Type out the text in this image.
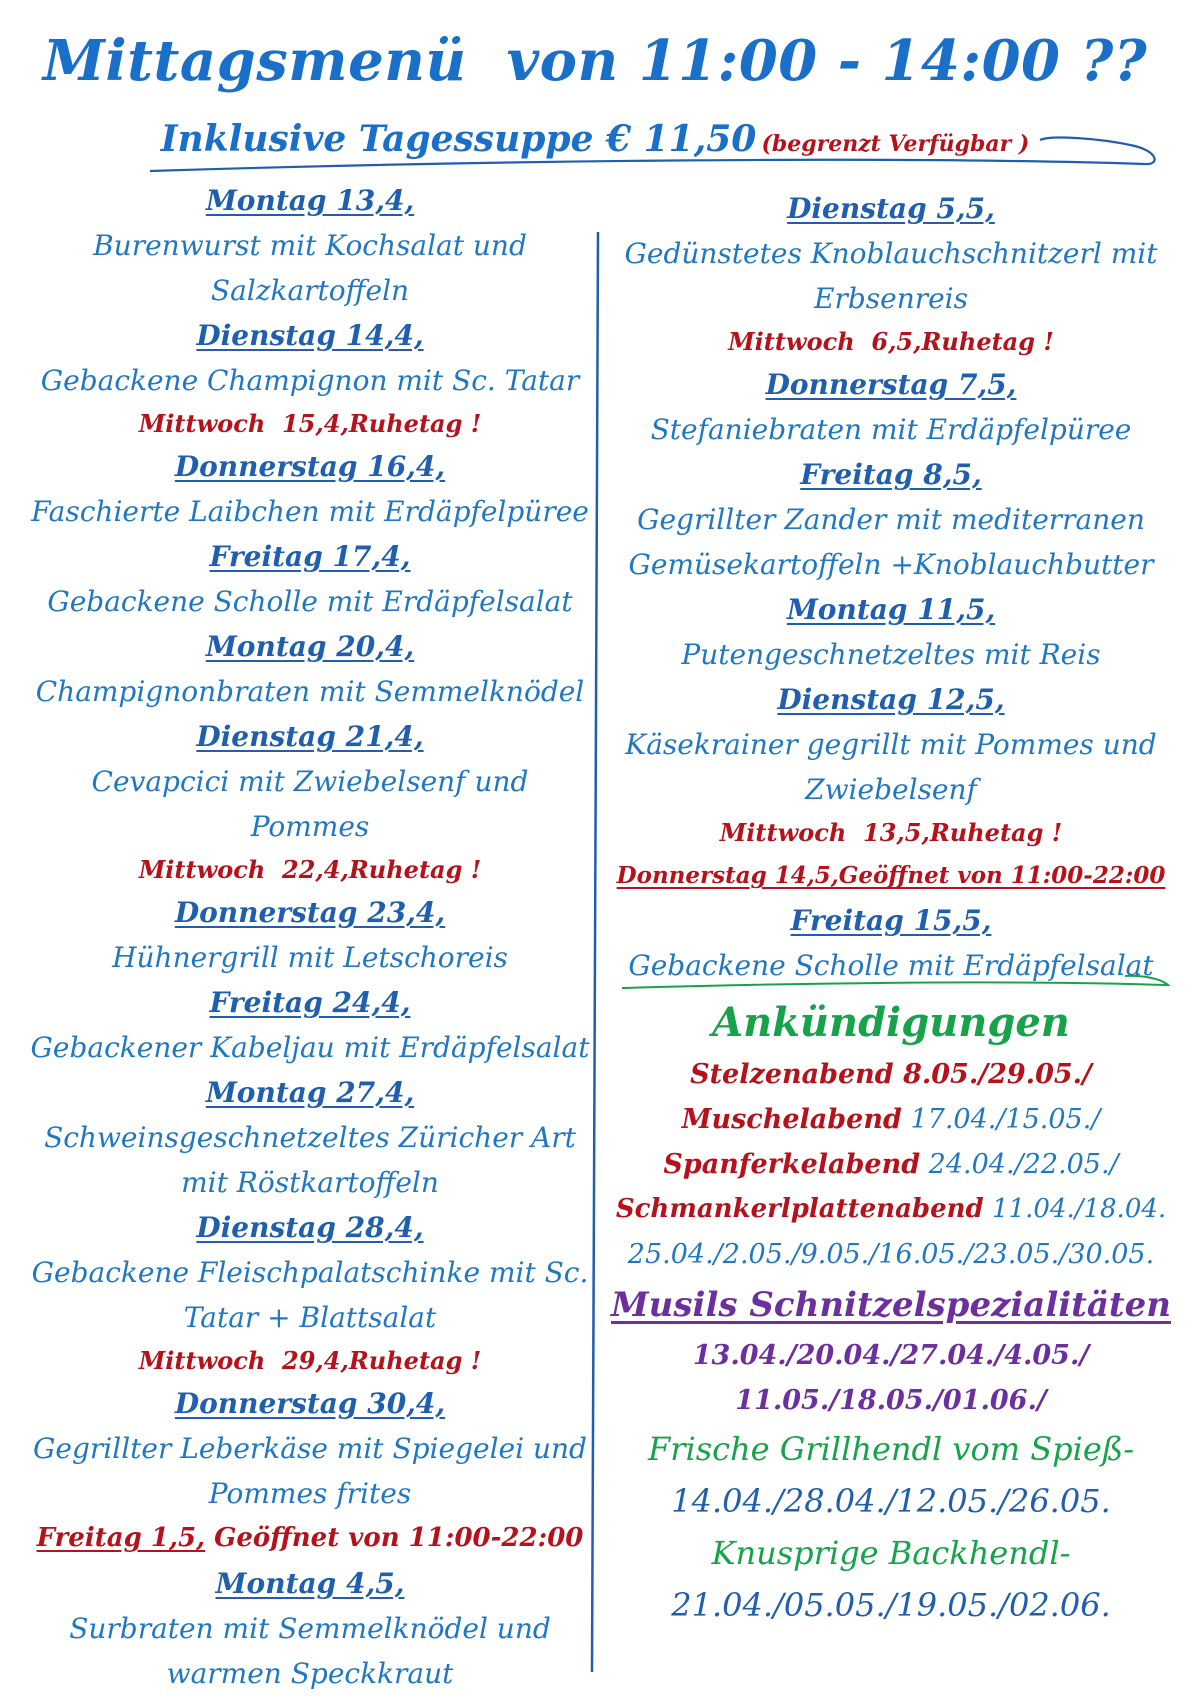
Mittagsmenü  von 11:00 - 14:00 ??
Inklusive Tagessuppe € 11,50 (begrenzt Verfügbar )
Montag 13,4,
Burenwurst mit Kochsalat und Salzkartoffeln
Dienstag 14,4,
Gebackene Champignon mit Sc. Tatar
Mittwoch  15,4,Ruhetag !
Donnerstag 16,4,
Faschierte Laibchen mit Erdäpfelpüree
Freitag 17,4,
Gebackene Scholle mit Erdäpfelsalat
Montag 20,4,
Champignonbraten mit Semmelknödel
Dienstag 21,4,
Cevapcici mit Zwiebelsenf und Pommes
Mittwoch  22,4,Ruhetag !
Donnerstag 23,4,
Hühnergrill mit Letschoreis
Freitag 24,4,
Gebackener Kabeljau mit Erdäpfelsalat
Montag 27,4,
Schweinsgeschnetzeltes Züricher Art mit Röstkartoffeln
Dienstag 28,4,
Gebackene Fleischpalatschinke mit Sc. Tatar + Blattsalat
Mittwoch  29,4,Ruhetag !
Donnerstag 30,4,
Gegrillter Leberkäse mit Spiegelei und Pommes frites
Freitag 1,5, Geöffnet von 11:00-22:00
Montag 4,5,
Surbraten mit Semmelknödel und warmen Speckkraut
Dienstag 5,5,
Gedünstetes Knoblauchschnitzerl mit Erbsenreis
Mittwoch  6,5,Ruhetag !
Donnerstag 7,5,
Stefaniebraten mit Erdäpfelpüree
Freitag 8,5,
Gegrillter Zander mit mediterranen Gemüsekartoffeln +Knoblauchbutter
Montag 11,5,
Putengeschnetzeltes mit Reis
Dienstag 12,5,
Käsekrainer gegrillt mit Pommes und Zwiebelsenf
Mittwoch  13,5,Ruhetag !
Donnerstag 14,5,Geöffnet von 11:00-22:00
Freitag 15,5,
Gebackene Scholle mit Erdäpfelsalat
Ankündigungen
Stelzenabend 8.05./29.05./
Muschelabend 17.04./15.05./
Spanferkelabend 24.04./22.05./
Schmankerlplattenabend 11.04./18.04.
25.04./2.05./9.05./16.05./23.05./30.05.
Musils Schnitzelspezialitäten
13.04./20.04./27.04./4.05./
11.05./18.05./01.06./
Frische Grillhendl vom Spieß-
14.04./28.04./12.05./26.05.
Knusprige Backhendl-
21.04./05.05./19.05./02.06.
